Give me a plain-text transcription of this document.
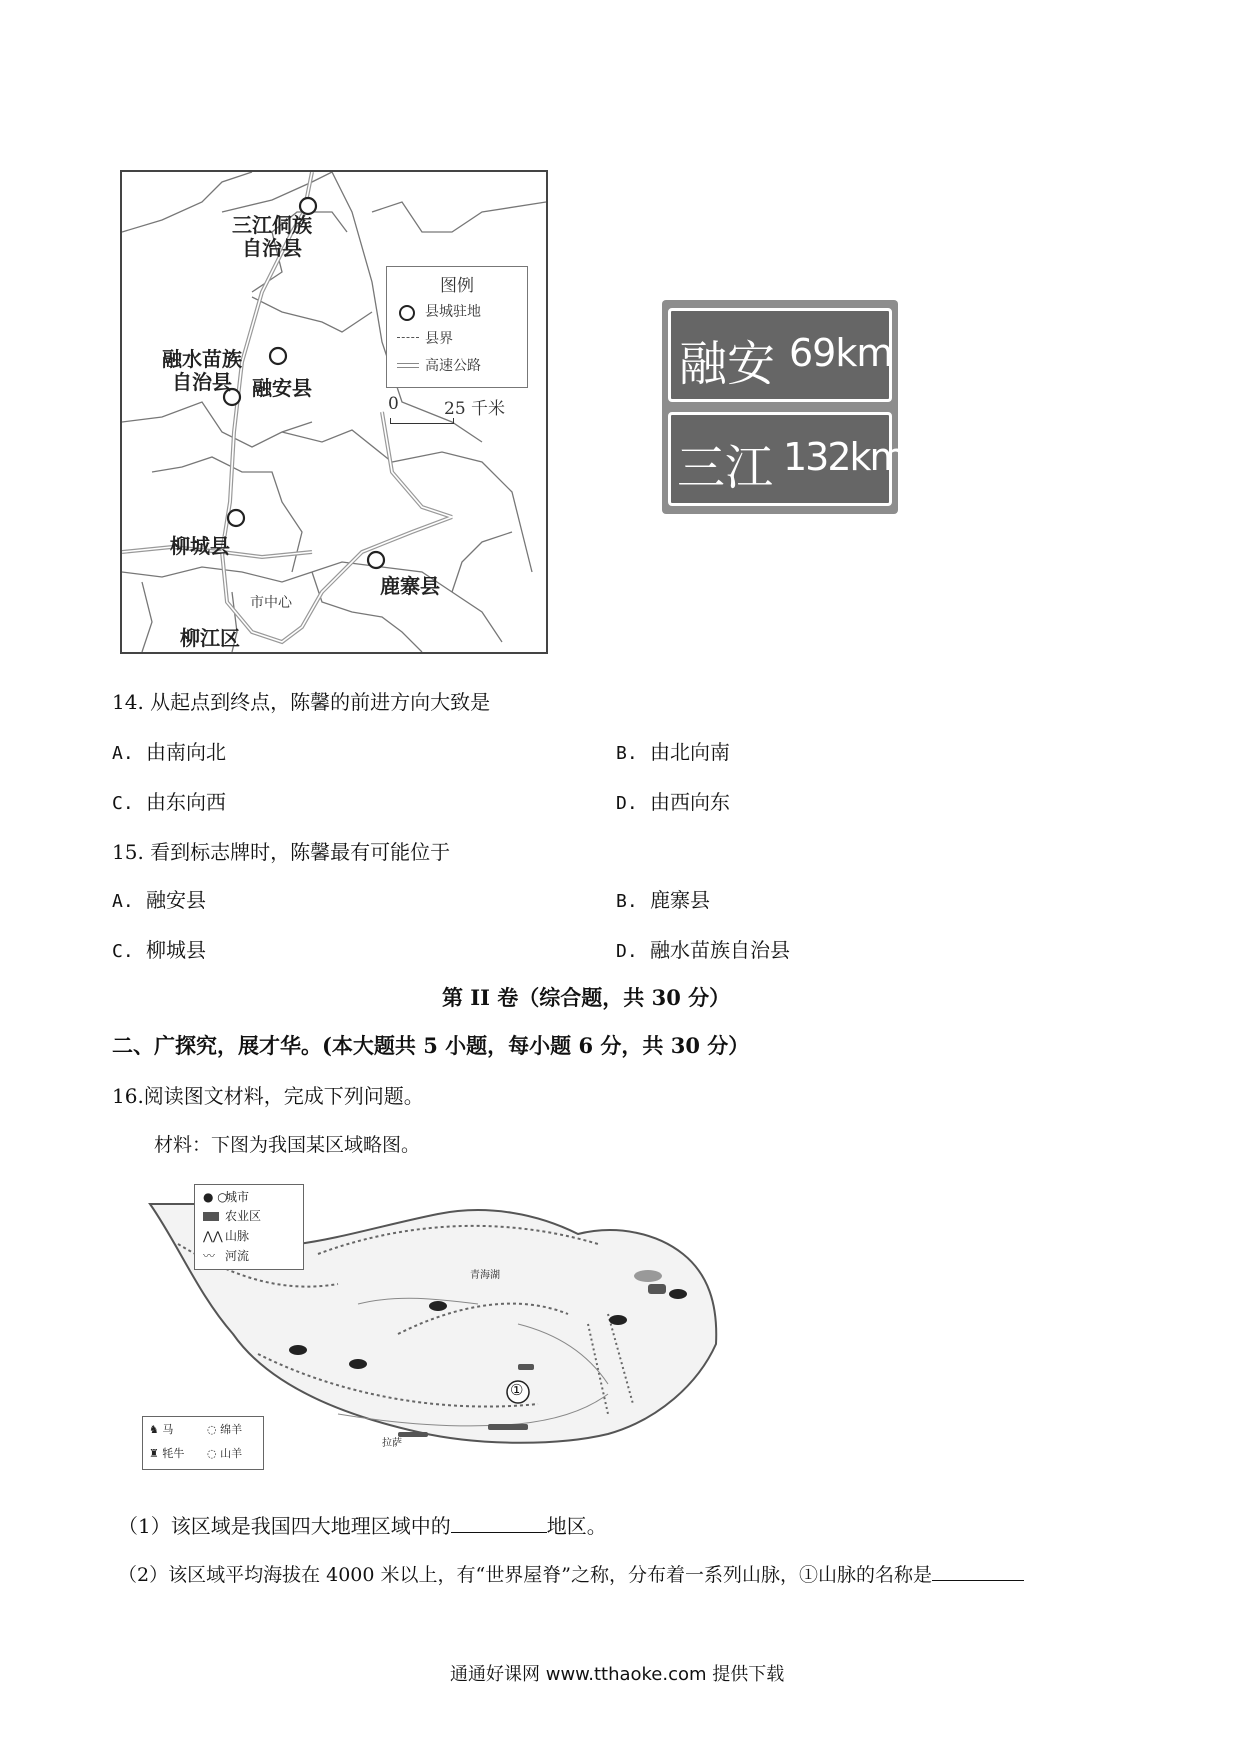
三江侗族
自治县
融水苗族
自治县	融安县
柳城县
鹿寨县
市中心
柳江区
图例
县城驻地
县界
高速公路
0	25 千米
融安 69km
三江 132km
14. 从起点到终点，陈馨的前进方向大致是
A. 由南向北	B. 由北向南
C. 由东向西	D. 由西向东
15. 看到标志牌时，陈馨最有可能位于
A. 融安县	B. 鹿寨县
C. 柳城县	D. 融水苗族自治县
第 II 卷（综合题，共 30 分）
二、广探究，展才华。(本大题共 5 小题，每小题 6 分，共 30 分）
16.阅读图文材料，完成下列问题。
材料：下图为我国某区域略图。
青海湖
拉萨
①
● ○城市
农业区
⋀⋀ 山脉
〰 河流
♞ 马	◌ 绵羊
♜ 牦牛 ◌ 山羊
（1）该区域是我国四大地理区域中的	地区。
（2）该区域平均海拔在 4000 米以上，有“世界屋脊”之称，分布着一系列山脉，①山脉的名称是
通通好课网 www.tthaoke.com 提供下载
